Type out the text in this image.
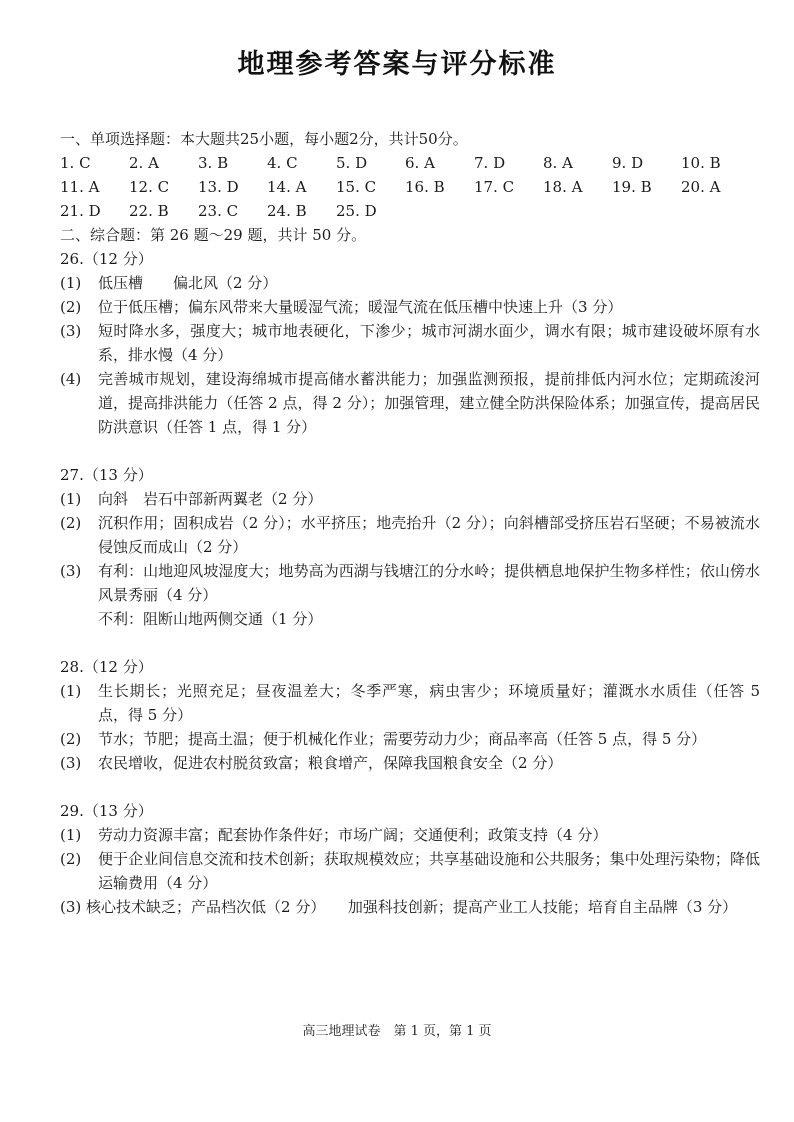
地理参考答案与评分标准
一、单项选择题：本大题共25小题，每小题2分，共计50分。
1. C	2. A	3. B	4. C	5. D	6. A	7. D	8. A	9. D	10. B
11. A	12. C	13. D	14. A	15. C	16. B	17. C	18. A	19. B	20. A
21. D	22. B	23. C	24. B	25. D
二、综合题：第 26 题～29 题，共计 50 分。
26.（12 分）
(1)	低压槽　　偏北风（2 分）
(2)	位于低压槽；偏东风带来大量暖湿气流；暖湿气流在低压槽中快速上升（3 分）
(3)	短时降水多，强度大；城市地表硬化，下渗少；城市河湖水面少，调水有限；城市建设破坏原有水系，排水慢（4 分）
(4)	完善城市规划，建设海绵城市提高储水蓄洪能力；加强监测预报，提前排低内河水位；定期疏浚河道，提高排洪能力（任答 2 点，得 2 分）；加强管理，建立健全防洪保险体系；加强宣传，提高居民防洪意识（任答 1 点，得 1 分）
27.（13 分）
(1)	向斜　岩石中部新两翼老（2 分）
(2)	沉积作用；固积成岩（2 分）；水平挤压；地壳抬升（2 分）；向斜槽部受挤压岩石坚硬；不易被流水侵蚀反而成山（2 分）
(3)	有利：山地迎风坡湿度大；地势高为西湖与钱塘江的分水岭；提供栖息地保护生物多样性；依山傍水风景秀丽（4 分）
不利：阻断山地两侧交通（1 分）
28.（12 分）
(1)	生长期长；光照充足；昼夜温差大；冬季严寒，病虫害少；环境质量好；灌溉水水质佳（任答 5 点，得 5 分）
(2)	节水；节肥；提高土温；便于机械化作业；需要劳动力少；商品率高（任答 5 点，得 5 分）
(3)	农民增收，促进农村脱贫致富；粮食增产，保障我国粮食安全（2 分）
29.（13 分）
(1)	劳动力资源丰富；配套协作条件好；市场广阔；交通便利；政策支持（4 分）
(2)	便于企业间信息交流和技术创新；获取规模效应；共享基础设施和公共服务；集中处理污染物；降低运输费用（4 分）
(3) 核心技术缺乏；产品档次低（2 分）　　加强科技创新；提高产业工人技能；培育自主品牌（3 分）
高三地理试卷　第 1 页，第 1 页
